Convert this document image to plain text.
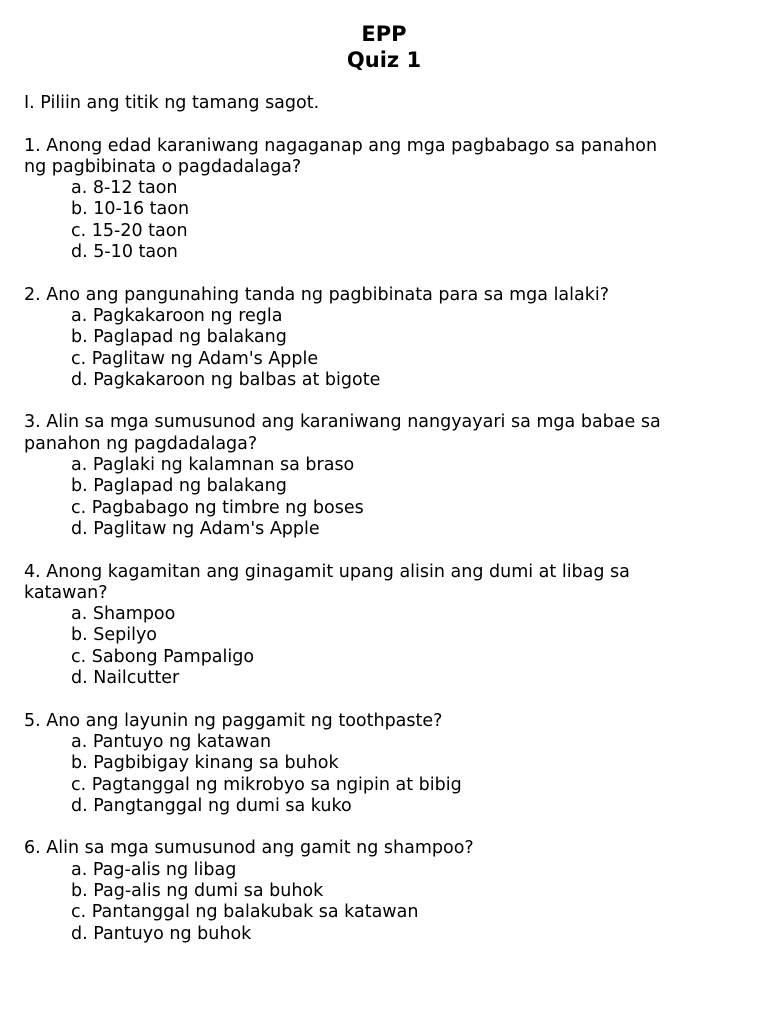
EPP
Quiz 1

I. Piliin ang titik ng tamang sagot.

1. Anong edad karaniwang nagaganap ang mga pagbabago sa panahon

ng pagbibinata o pagdadalaga?

a. 8-12 taon

b. 10-16 taon

c. 15-20 taon

d. 5-10 taon

2. Ano ang pangunahing tanda ng pagbibinata para sa mga lalaki?

a. Pagkakaroon ng regla

b. Paglapad ng balakang

c. Paglitaw ng Adam's Apple

d. Pagkakaroon ng balbas at bigote

3. Alin sa mga sumusunod ang karaniwang nangyayari sa mga babae sa

panahon ng pagdadalaga?

a. Paglaki ng kalamnan sa braso

b. Paglapad ng balakang

c. Pagbabago ng timbre ng boses

d. Paglitaw ng Adam's Apple

4. Anong kagamitan ang ginagamit upang alisin ang dumi at libag sa

katawan?

a. Shampoo

b. Sepilyo

c. Sabong Pampaligo

d. Nailcutter

5. Ano ang layunin ng paggamit ng toothpaste?

a. Pantuyo ng katawan

b. Pagbibigay kinang sa buhok

c. Pagtanggal ng mikrobyo sa ngipin at bibig

d. Pangtanggal ng dumi sa kuko

6. Alin sa mga sumusunod ang gamit ng shampoo?

a. Pag-alis ng libag

b. Pag-alis ng dumi sa buhok

c. Pantanggal ng balakubak sa katawan

d. Pantuyo ng buhok
